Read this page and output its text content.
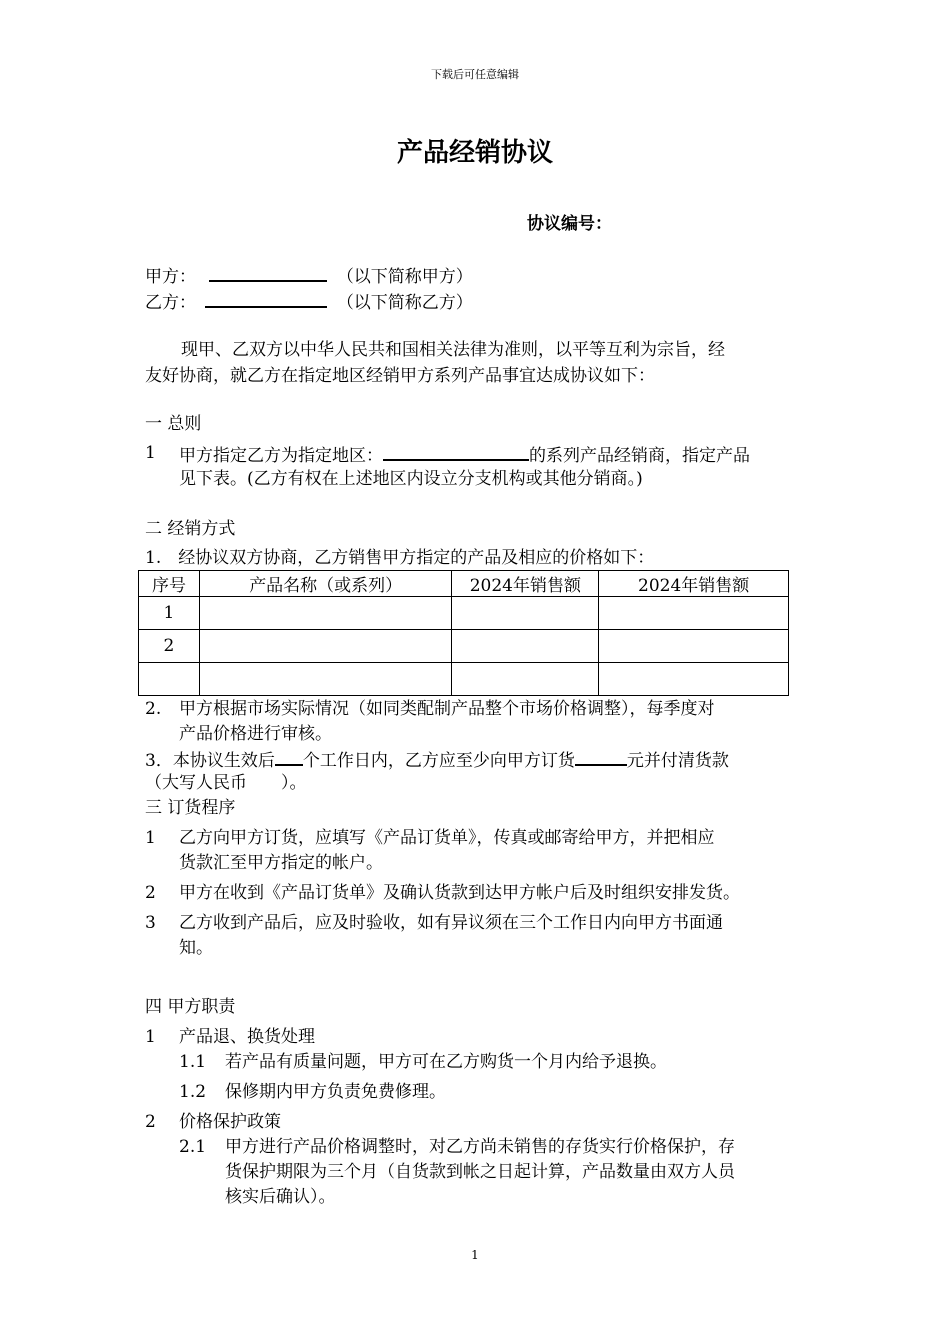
下载后可任意编辑
产品经销协议
协议编号：
甲方：	（以下简称甲方）
乙方：	（以下简称乙方）
现甲、乙双方以中华人民共和国相关法律为准则，以平等互利为宗旨，经
友好协商，就乙方在指定地区经销甲方系列产品事宜达成协议如下：
一 总则
1 甲方指定乙方为指定地区：	的系列产品经销商，指定产品
见下表。(乙方有权在上述地区内设立分支机构或其他分销商。)
二 经销方式
1.　经协议双方协商，乙方销售甲方指定的产品及相应的价格如下：
序号	产品名称（或系列）	2024年销售额	2024年销售额
1			
2			

2. 甲方根据市场实际情况（如同类配制产品整个市场价格调整），每季度对
产品价格进行审核。
3．本协议生效后 个工作日内，乙方应至少向甲方订货	元并付清货款
（大写人民币　　）。
三 订货程序
1 乙方向甲方订货，应填写《产品订货单》，传真或邮寄给甲方，并把相应
货款汇至甲方指定的帐户。
2 甲方在收到《产品订货单》及确认货款到达甲方帐户后及时组织安排发货。
3 乙方收到产品后，应及时验收，如有异议须在三个工作日内向甲方书面通
知。
四 甲方职责
1 产品退、换货处理
1.1 若产品有质量问题，甲方可在乙方购货一个月内给予退换。
1.2 保修期内甲方负责免费修理。
2 价格保护政策
2.1 甲方进行产品价格调整时，对乙方尚未销售的存货实行价格保护，存
货保护期限为三个月（自货款到帐之日起计算，产品数量由双方人员
核实后确认）。
1
